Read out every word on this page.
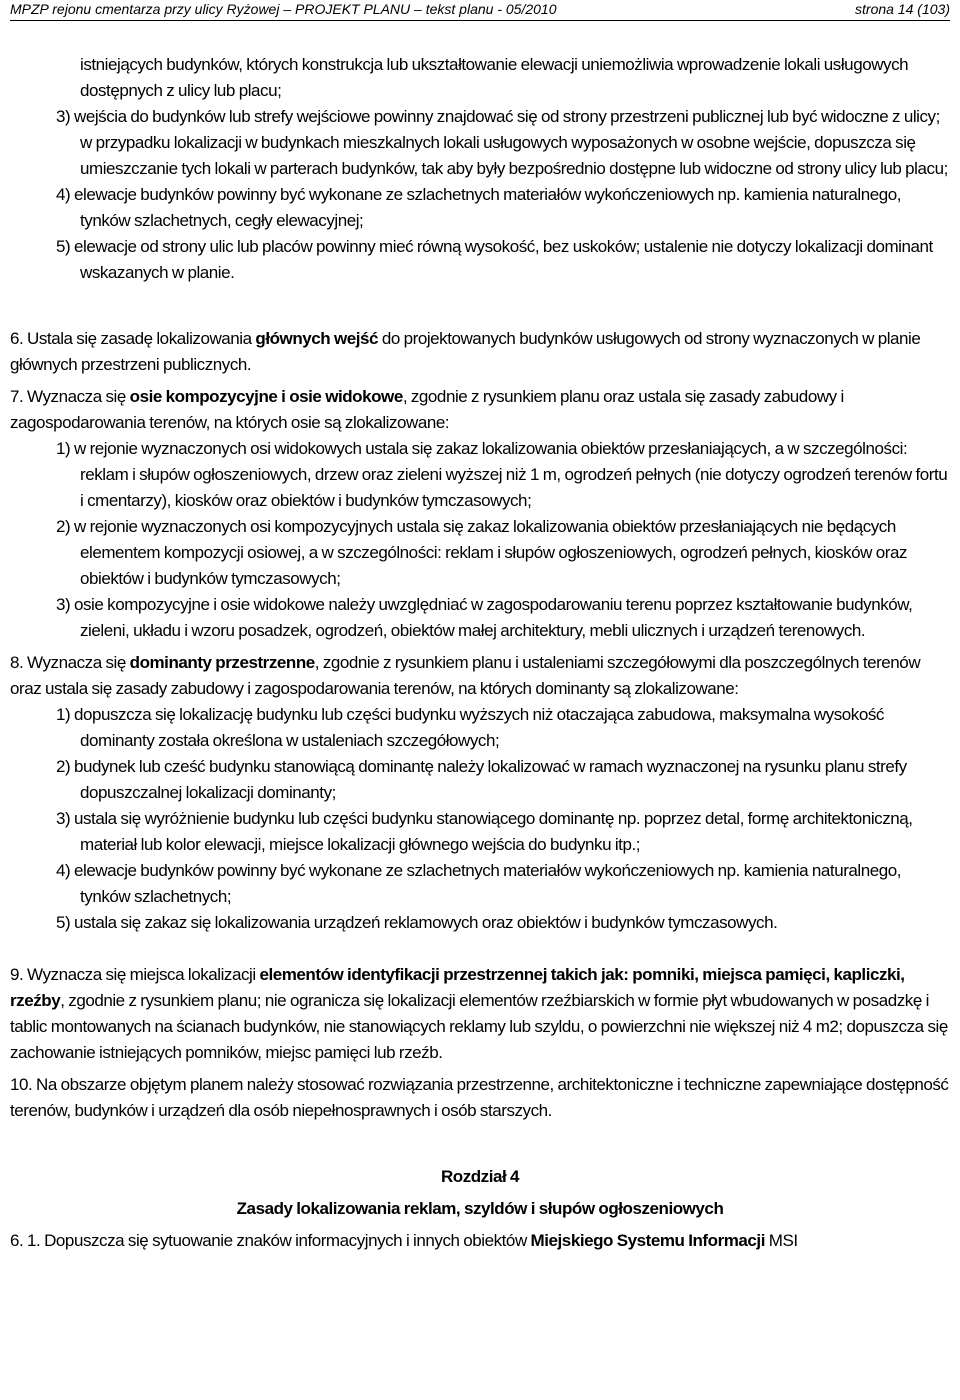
MPZP rejonu cmentarza przy ulicy Ryżowej – PROJEKT PLANU – tekst planu - 05/2010	strona 14 (103)

istniejących budynków, których konstrukcja lub ukształtowanie elewacji uniemożliwia wprowadzenie lokali usługowych dostępnych z ulicy lub placu;

3) wejścia do budynków lub strefy wejściowe powinny znajdować się od strony przestrzeni publicznej lub być widoczne z ulicy; w przypadku lokalizacji w budynkach mieszkalnych lokali usługowych wyposażonych w osobne wejście, dopuszcza się umieszczanie tych lokali w parterach budynków, tak aby były bezpośrednio dostępne lub widoczne od strony ulicy lub placu;

4) elewacje budynków powinny być wykonane ze szlachetnych materiałów wykończeniowych np. kamienia naturalnego, tynków szlachetnych, cegły elewacyjnej;

5) elewacje od strony ulic lub placów powinny mieć równą wysokość, bez uskoków; ustalenie nie dotyczy lokalizacji dominant wskazanych w planie.

6. Ustala się zasadę lokalizowania głównych wejść do projektowanych budynków usługowych od strony wyznaczonych w planie głównych przestrzeni publicznych.

7. Wyznacza się osie kompozycyjne i osie widokowe, zgodnie z rysunkiem planu oraz ustala się zasady zabudowy i zagospodarowania terenów, na których osie są zlokalizowane:

1) w rejonie wyznaczonych osi widokowych ustala się zakaz lokalizowania obiektów przesłaniających, a w szczególności: reklam i słupów ogłoszeniowych, drzew oraz zieleni wyższej niż 1 m, ogrodzeń pełnych (nie dotyczy ogrodzeń terenów fortu i cmentarzy), kiosków oraz obiektów i budynków tymczasowych;

2) w rejonie wyznaczonych osi kompozycyjnych ustala się zakaz lokalizowania obiektów przesłaniających nie będących elementem kompozycji osiowej, a w szczególności: reklam i słupów ogłoszeniowych, ogrodzeń pełnych, kiosków oraz obiektów i budynków tymczasowych;

3) osie kompozycyjne i osie widokowe należy uwzględniać w zagospodarowaniu terenu poprzez kształtowanie budynków, zieleni, układu i wzoru posadzek, ogrodzeń, obiektów małej architektury, mebli ulicznych i urządzeń terenowych.

8. Wyznacza się dominanty przestrzenne, zgodnie z rysunkiem planu i ustaleniami szczegółowymi dla poszczególnych terenów oraz ustala się zasady zabudowy i zagospodarowania terenów, na których dominanty są zlokalizowane:

1) dopuszcza się lokalizację budynku lub części budynku wyższych niż otaczająca zabudowa, maksymalna wysokość dominanty została określona w ustaleniach szczegółowych;

2) budynek lub cześć budynku stanowiącą dominantę należy lokalizować w ramach wyznaczonej na rysunku planu strefy dopuszczalnej lokalizacji dominanty;

3) ustala się wyróżnienie budynku lub części budynku stanowiącego dominantę np. poprzez detal, formę architektoniczną, materiał lub kolor elewacji, miejsce lokalizacji głównego wejścia do budynku itp.;

4) elewacje budynków powinny być wykonane ze szlachetnych materiałów wykończeniowych np. kamienia naturalnego, tynków szlachetnych;

5) ustala się zakaz się lokalizowania urządzeń reklamowych oraz obiektów i budynków tymczasowych.

9. Wyznacza się miejsca lokalizacji elementów identyfikacji przestrzennej takich jak: pomniki, miejsca pamięci, kapliczki, rzeźby, zgodnie z rysunkiem planu; nie ogranicza się lokalizacji elementów rzeźbiarskich w formie płyt wbudowanych w posadzkę i tablic montowanych na ścianach budynków, nie stanowiących reklamy lub szyldu, o powierzchni nie większej niż 4 m2; dopuszcza się zachowanie istniejących pomników, miejsc pamięci lub rzeźb.

10. Na obszarze objętym planem należy stosować rozwiązania przestrzenne, architektoniczne i techniczne zapewniające dostępność terenów, budynków i urządzeń dla osób niepełnosprawnych i osób starszych.

Rozdział 4

Zasady lokalizowania reklam, szyldów i słupów ogłoszeniowych

6. 1. Dopuszcza się sytuowanie znaków informacyjnych i innych obiektów Miejskiego Systemu Informacji MSI
